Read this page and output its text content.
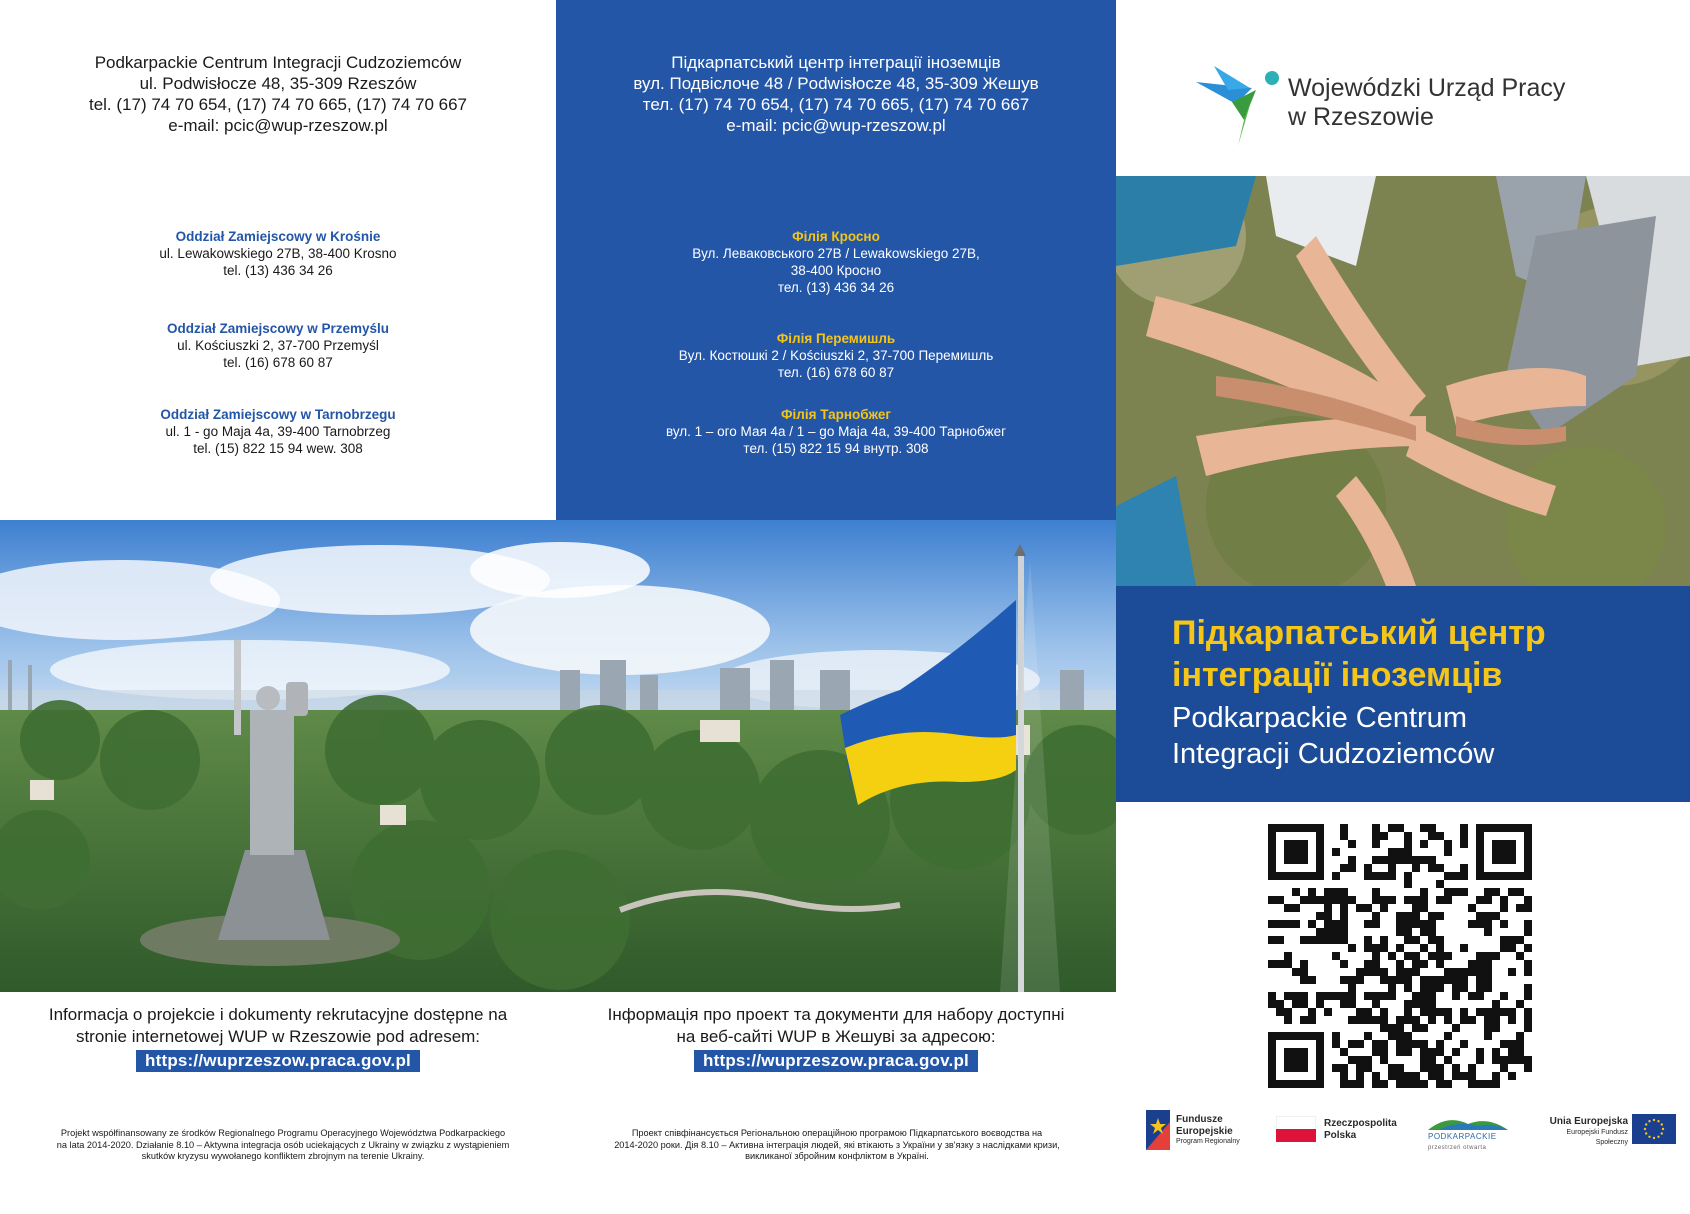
Podkarpackie Centrum Integracji Cudzoziemców
ul. Podwisłocze 48, 35-309 Rzeszów
tel. (17) 74 70 654, (17) 74 70 665, (17) 74 70 667
e-mail: pcic@wup-rzeszow.pl
Oddział Zamiejscowy w Krośnie
ul. Lewakowskiego 27B, 38-400 Krosno
tel. (13) 436 34 26
Oddział Zamiejscowy w Przemyślu
ul. Kościuszki 2, 37-700 Przemyśl
tel. (16) 678 60 87
Oddział Zamiejscowy w Tarnobrzegu
ul. 1 - go Maja 4a, 39-400 Tarnobrzeg
tel. (15) 822 15 94 wew. 308
Підкарпатський центр інтеграції іноземців
вул. Подвіслоче 48 / Podwisłocze 48, 35-309 Жешув
тел. (17) 74 70 654, (17) 74 70 665, (17) 74 70 667
e-mail: pcic@wup-rzeszow.pl
Філія Кросно
Вул. Леваковського 27В / Lewakowskiego 27B,
38-400 Кросно
тел. (13) 436 34 26
Філія Перемишль
Вул. Костюшкі 2 / Kościuszki 2, 37-700 Перемишль
тел. (16) 678 60 87
Філія Тарнобжег
вул. 1 – ого Мая 4а / 1 – go Maja 4a, 39-400 Тарнобжег
тел. (15) 822 15 94 внутр. 308
Informacja o projekcie i dokumenty rekrutacyjne dostępne na
stronie internetowej WUP w Rzeszowie pod adresem:
https://wuprzeszow.praca.gov.pl
Інформація про проект та документи для набору доступні
на веб-сайті WUP в Жешуві за адресою:
https://wuprzeszow.praca.gov.pl
Projekt współfinansowany ze środków Regionalnego Programu Operacyjnego Województwa Podkarpackiego
na lata 2014-2020. Działanie 8.10 – Aktywna integracja osób uciekających z Ukrainy w związku z wystąpieniem
skutków kryzysu wywołanego konfliktem zbrojnym na terenie Ukrainy.
Проект співфінансується Регіональною операційною програмою Підкарпатського воєводства на
2014-2020 роки. Дія 8.10 – Активна інтеграція людей, які втікають з України у зв'язку з наслідками кризи,
викликаної збройним конфліктом в Україні.
Wojewódzki Urząd Pracy
w Rzeszowie
Підкарпатський центр
інтеграції іноземців
Podkarpackie Centrum
Integracji Cudzoziemców
Fundusze
Europejskie
Program Regionalny
Rzeczpospolita
Polska	PODKARPACKIE
przestrzeń otwarta
Unia Europejska
Europejski Fundusz Społeczny
